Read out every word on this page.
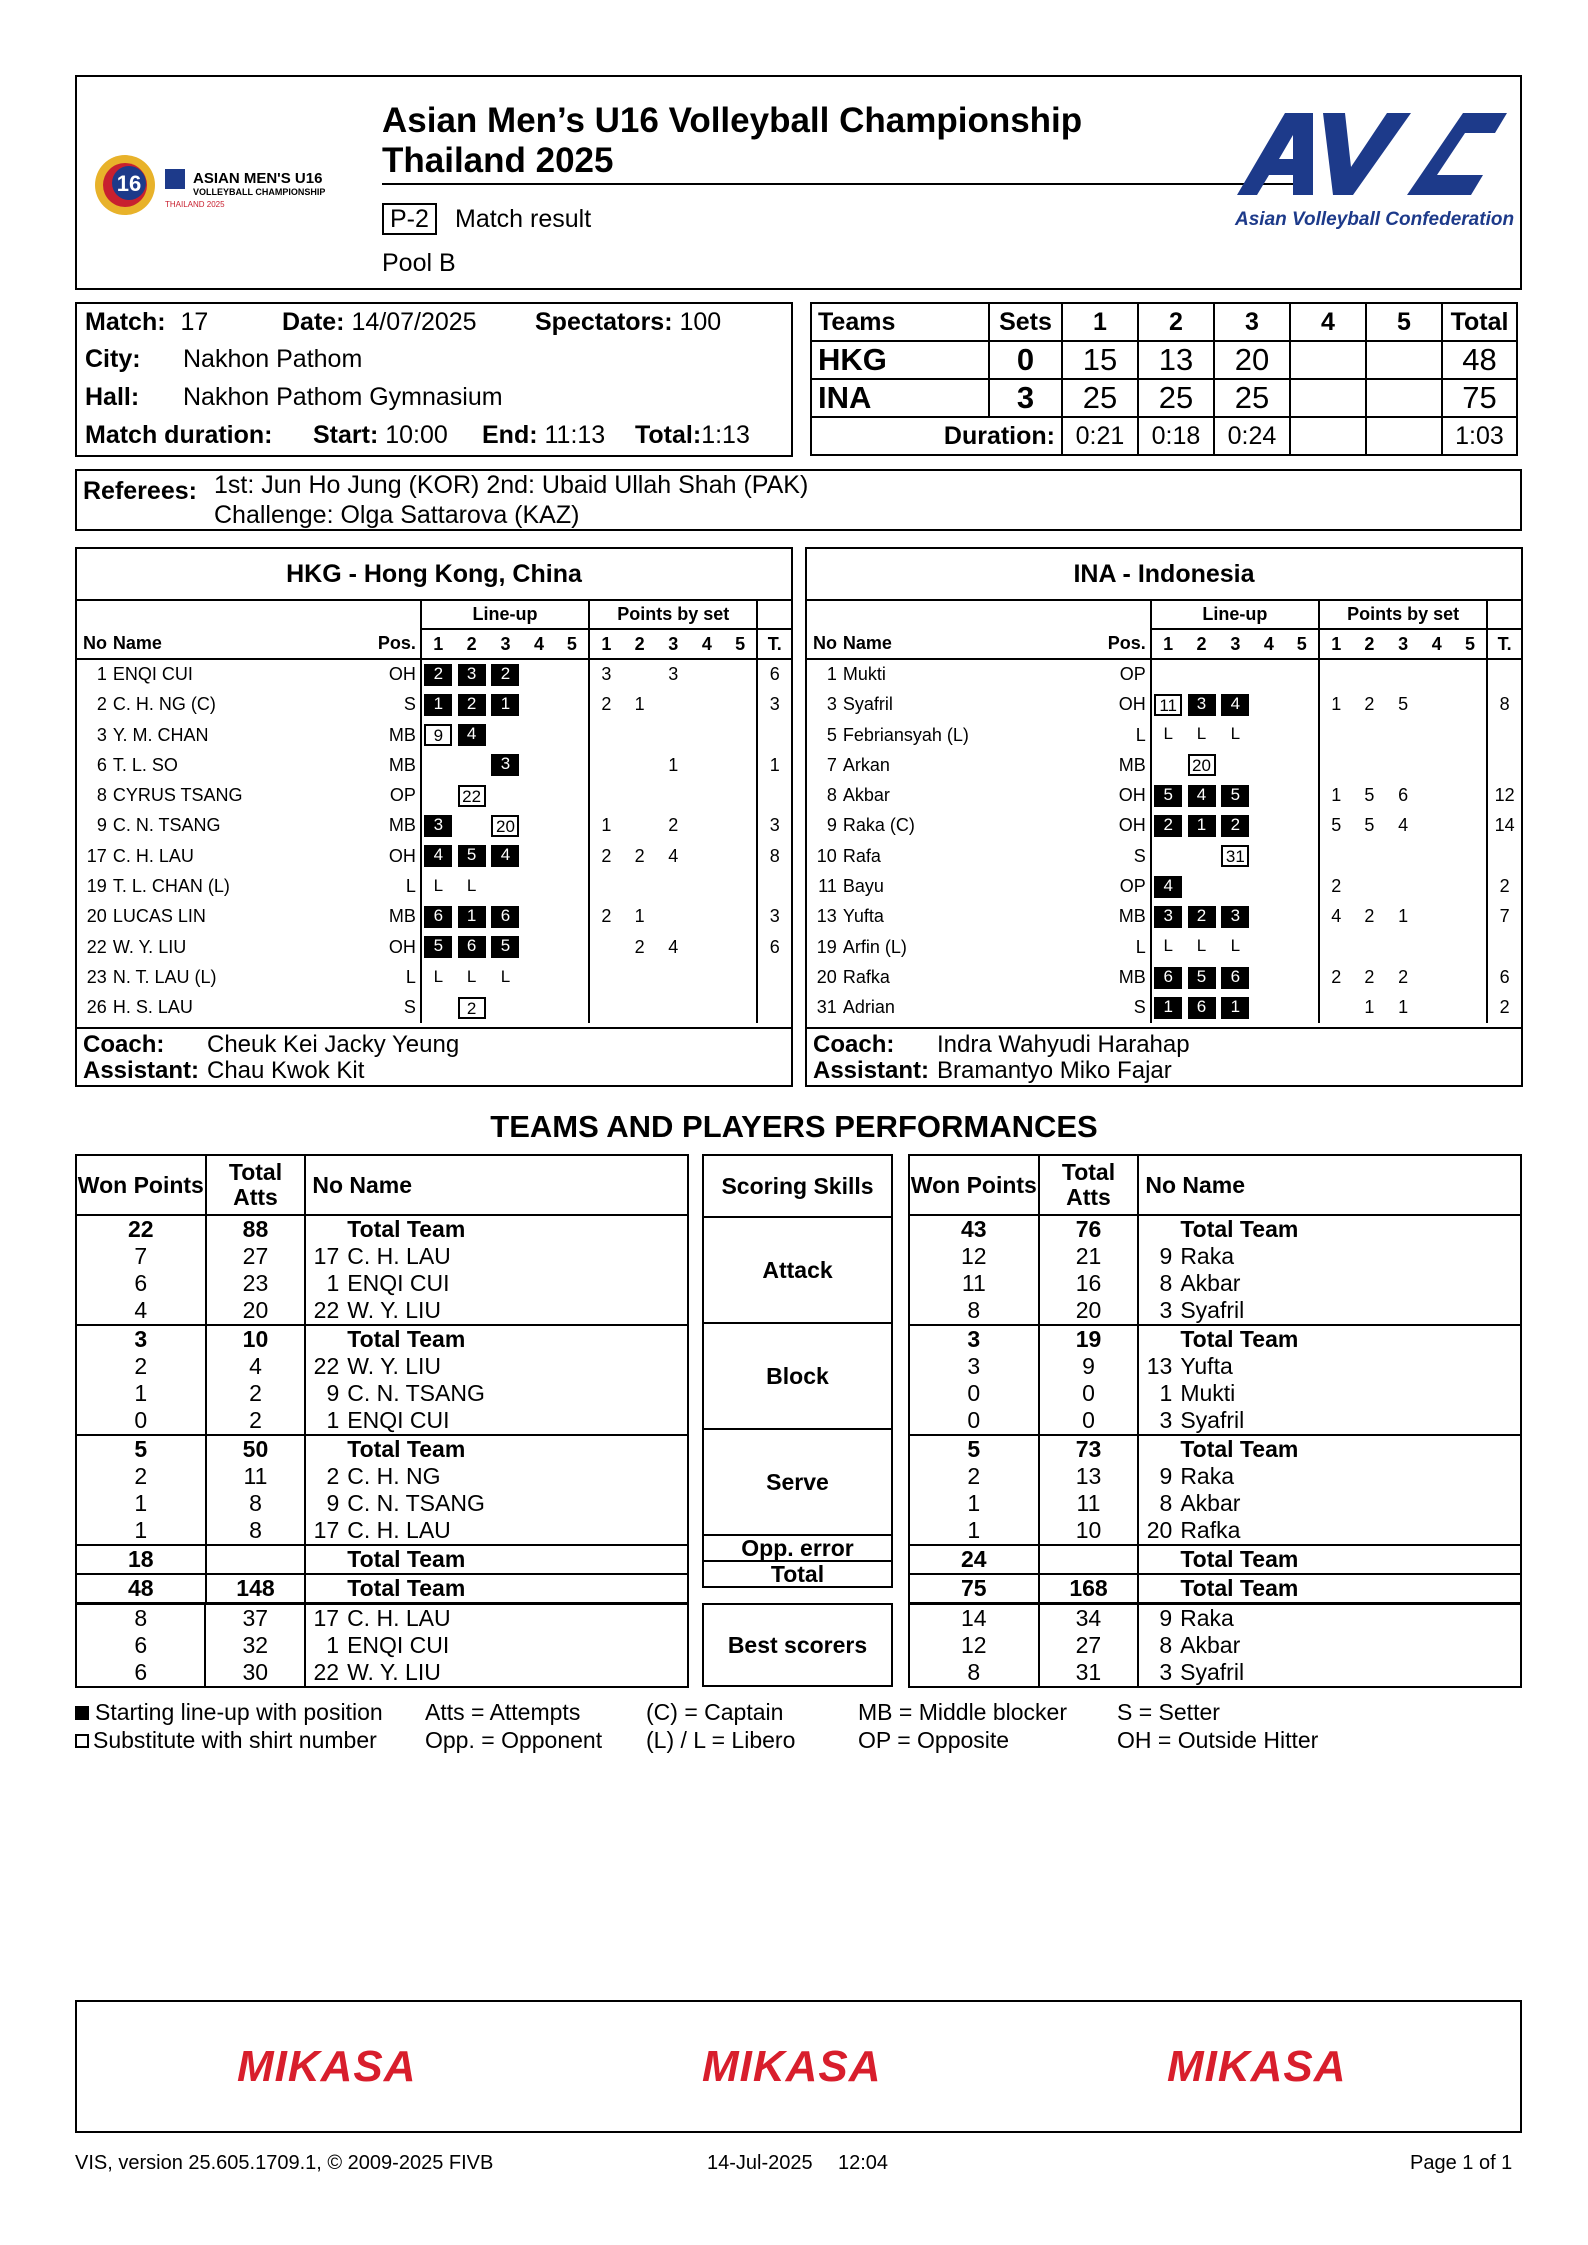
16	ASIAN MEN'S U16
VOLLEYBALL CHAMPIONSHIP
THAILAND 2025
Asian Men’s U16 Volleyball Championship
Thailand 2025
P-2	Match result
Pool B
Asian Volleyball Confederation
Match: 17	Date: 14/07/2025 Spectators: 100
City: Nakhon Pathom
Hall: Nakhon Pathom Gymnasium
Match duration: Start: 10:00 End: 11:13 Total:1:13
Teams	Sets	1	2	3	4	5	Total
HKG	0	15	13	20			48
INA	3	25	25	25			75
Duration:		0:21	0:18	0:24			1:03
Referees: 1st: Jun Ho Jung (KOR) 2nd: Ubaid Ullah Shah (PAK)
Challenge: Olga Sattarova (KAZ)
HKG - Hong Kong, China
			Line-up					Points by set					
No	Name	Pos.	1	2	3	4	5	1	2	3	4	5	T.
1	ENQI CUI	OH	2	3	2			3		3			6
2	C. H. NG (C)	S	1	2	1			2	1				3
3	Y. M. CHAN	MB	9	4									
6	T. L. SO	MB			3					1			1
8	CYRUS TSANG	OP		22									
9	C. N. TSANG	MB	3		20			1		2			3
17	C. H. LAU	OH	4	5	4			2	2	4			8
19	T. L. CHAN (L)	L	L	L									
20	LUCAS LIN	MB	6	1	6			2	1				3
22	W. Y. LIU	OH	5	6	5				2	4			6
23	N. T. LAU (L)	L	L	L	L								
26	H. S. LAU	S		2									
Coach: Cheuk Kei Jacky Yeung
Assistant: Chau Kwok Kit
INA - Indonesia
			Line-up					Points by set					
No	Name	Pos.	1	2	3	4	5	1	2	3	4	5	T.
1	Mukti	OP											
3	Syafril	OH	11	3	4			1	2	5			8
5	Febriansyah (L)	L	L	L	L								
7	Arkan	MB		20									
8	Akbar	OH	5	4	5			1	5	6			12
9	Raka (C)	OH	2	1	2			5	5	4			14
10	Rafa	S			31								
11	Bayu	OP	4					2					2
13	Yufta	MB	3	2	3			4	2	1			7
19	Arfin (L)	L	L	L	L								
20	Rafka	MB	6	5	6			2	2	2			6
31	Adrian	S	1	6	1				1	1			2
Coach: Indra Wahyudi Harahap
Assistant: Bramantyo Miko Fajar
TEAMS AND PLAYERS PERFORMANCES
Won Points	Total Atts	No Name	
22	88		Total Team
7	27	17	C. H. LAU
6	23	1	ENQI CUI
4	20	22	W. Y. LIU
3	10		Total Team
2	4	22	W. Y. LIU
1	2	9	C. N. TSANG
0	2	1	ENQI CUI
5	50		Total Team
2	11	2	C. H. NG
1	8	9	C. N. TSANG
1	8	17	C. H. LAU
18			Total Team
48	148		Total Team
Scoring Skills
Attack
Block
Serve
Opp. error
Total
Won Points	Total Atts	No Name	
43	76		Total Team
12	21	9	Raka
11	16	8	Akbar
8	20	3	Syafril
3	19		Total Team
3	9	13	Yufta
0	0	1	Mukti
0	0	3	Syafril
5	73		Total Team
2	13	9	Raka
1	11	8	Akbar
1	10	20	Rafka
24			Total Team
75	168		Total Team
8	37	17	C. H. LAU
6	32	1	ENQI CUI
6	30	22	W. Y. LIU
Best scorers
14	34	9	Raka
12	27	8	Akbar
8	31	3	Syafril
Starting line-up with position
Substitute with shirt number
Atts = Attempts
Opp. = Opponent
(C) = Captain
(L) / L = Libero
MB = Middle blocker
OP = Opposite
S = Setter
OH = Outside Hitter
MIKASA	MIKASA	MIKASA
VIS, version 25.605.1709.1, © 2009-2025 FIVB	14-Jul-2025 12:04	Page 1 of 1
